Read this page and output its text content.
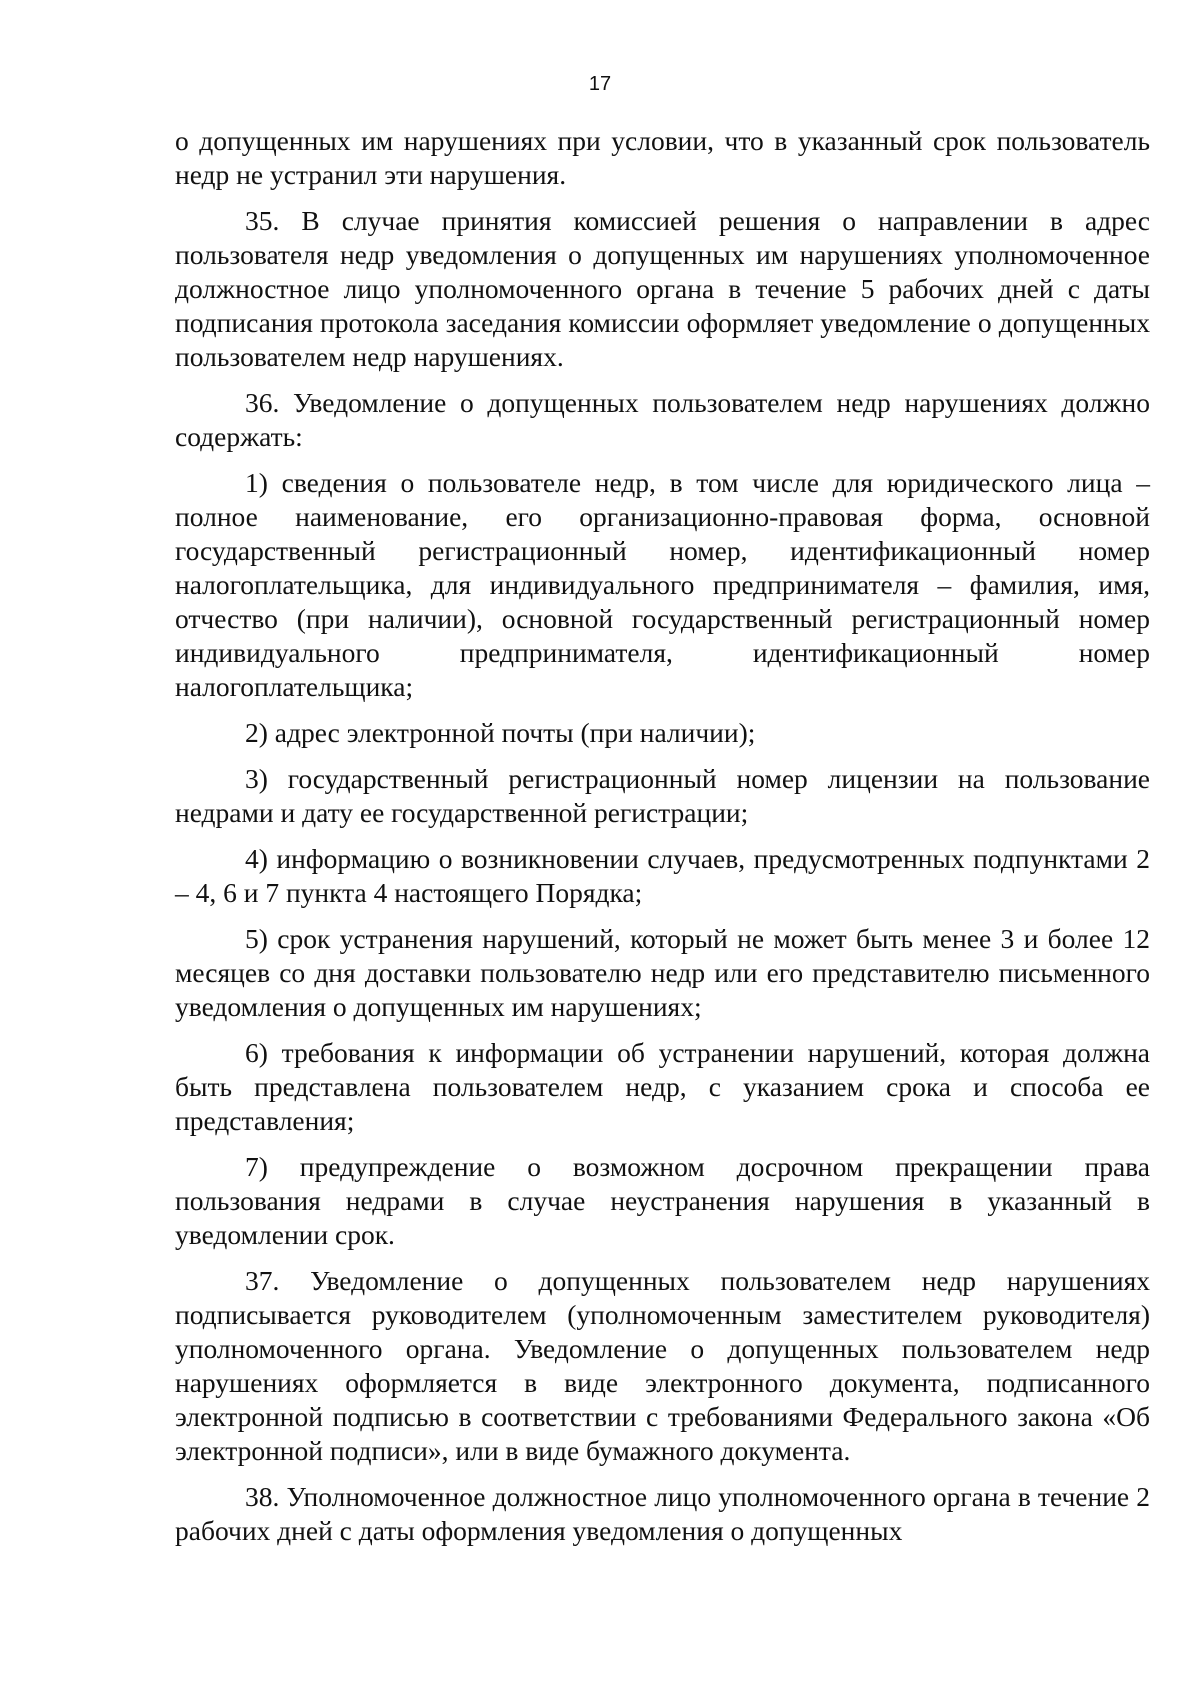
17

о допущенных им нарушениях при условии, что в указанный срок пользователь недр не устранил эти нарушения.

35. В случае принятия комиссией решения о направлении в адрес пользователя недр уведомления о допущенных им нарушениях уполномоченное должностное лицо уполномоченного органа в течение 5 рабочих дней с даты подписания протокола заседания комиссии оформляет уведомление о допущенных пользователем недр нарушениях.

36. Уведомление о допущенных пользователем недр нарушениях должно содержать:

1) сведения о пользователе недр, в том числе для юридического лица – полное наименование, его организационно-правовая форма, основной государственный регистрационный номер, идентификационный номер налогоплательщика, для индивидуального предпринимателя – фамилия, имя, отчество (при наличии), основной государственный регистрационный номер индивидуального предпринимателя, идентификационный номер налогоплательщика;

2) адрес электронной почты (при наличии);

3) государственный регистрационный номер лицензии на пользование недрами и дату ее государственной регистрации;

4) информацию о возникновении случаев, предусмотренных подпунктами 2 – 4, 6 и 7 пункта 4 настоящего Порядка;

5) срок устранения нарушений, который не может быть менее 3 и более 12 месяцев со дня доставки пользователю недр или его представителю письменного уведомления о допущенных им нарушениях;

6) требования к информации об устранении нарушений, которая должна быть представлена пользователем недр, с указанием срока и способа ее представления;

7) предупреждение о возможном досрочном прекращении права пользования недрами в случае неустранения нарушения в указанный в уведомлении срок.

37. Уведомление о допущенных пользователем недр нарушениях подписывается руководителем (уполномоченным заместителем руководителя) уполномоченного органа. Уведомление о допущенных пользователем недр нарушениях оформляется в виде электронного документа, подписанного электронной подписью в соответствии с требованиями Федерального закона «Об электронной подписи», или в виде бумажного документа.

38. Уполномоченное должностное лицо уполномоченного органа в течение 2 рабочих дней с даты оформления уведомления о допущенных
